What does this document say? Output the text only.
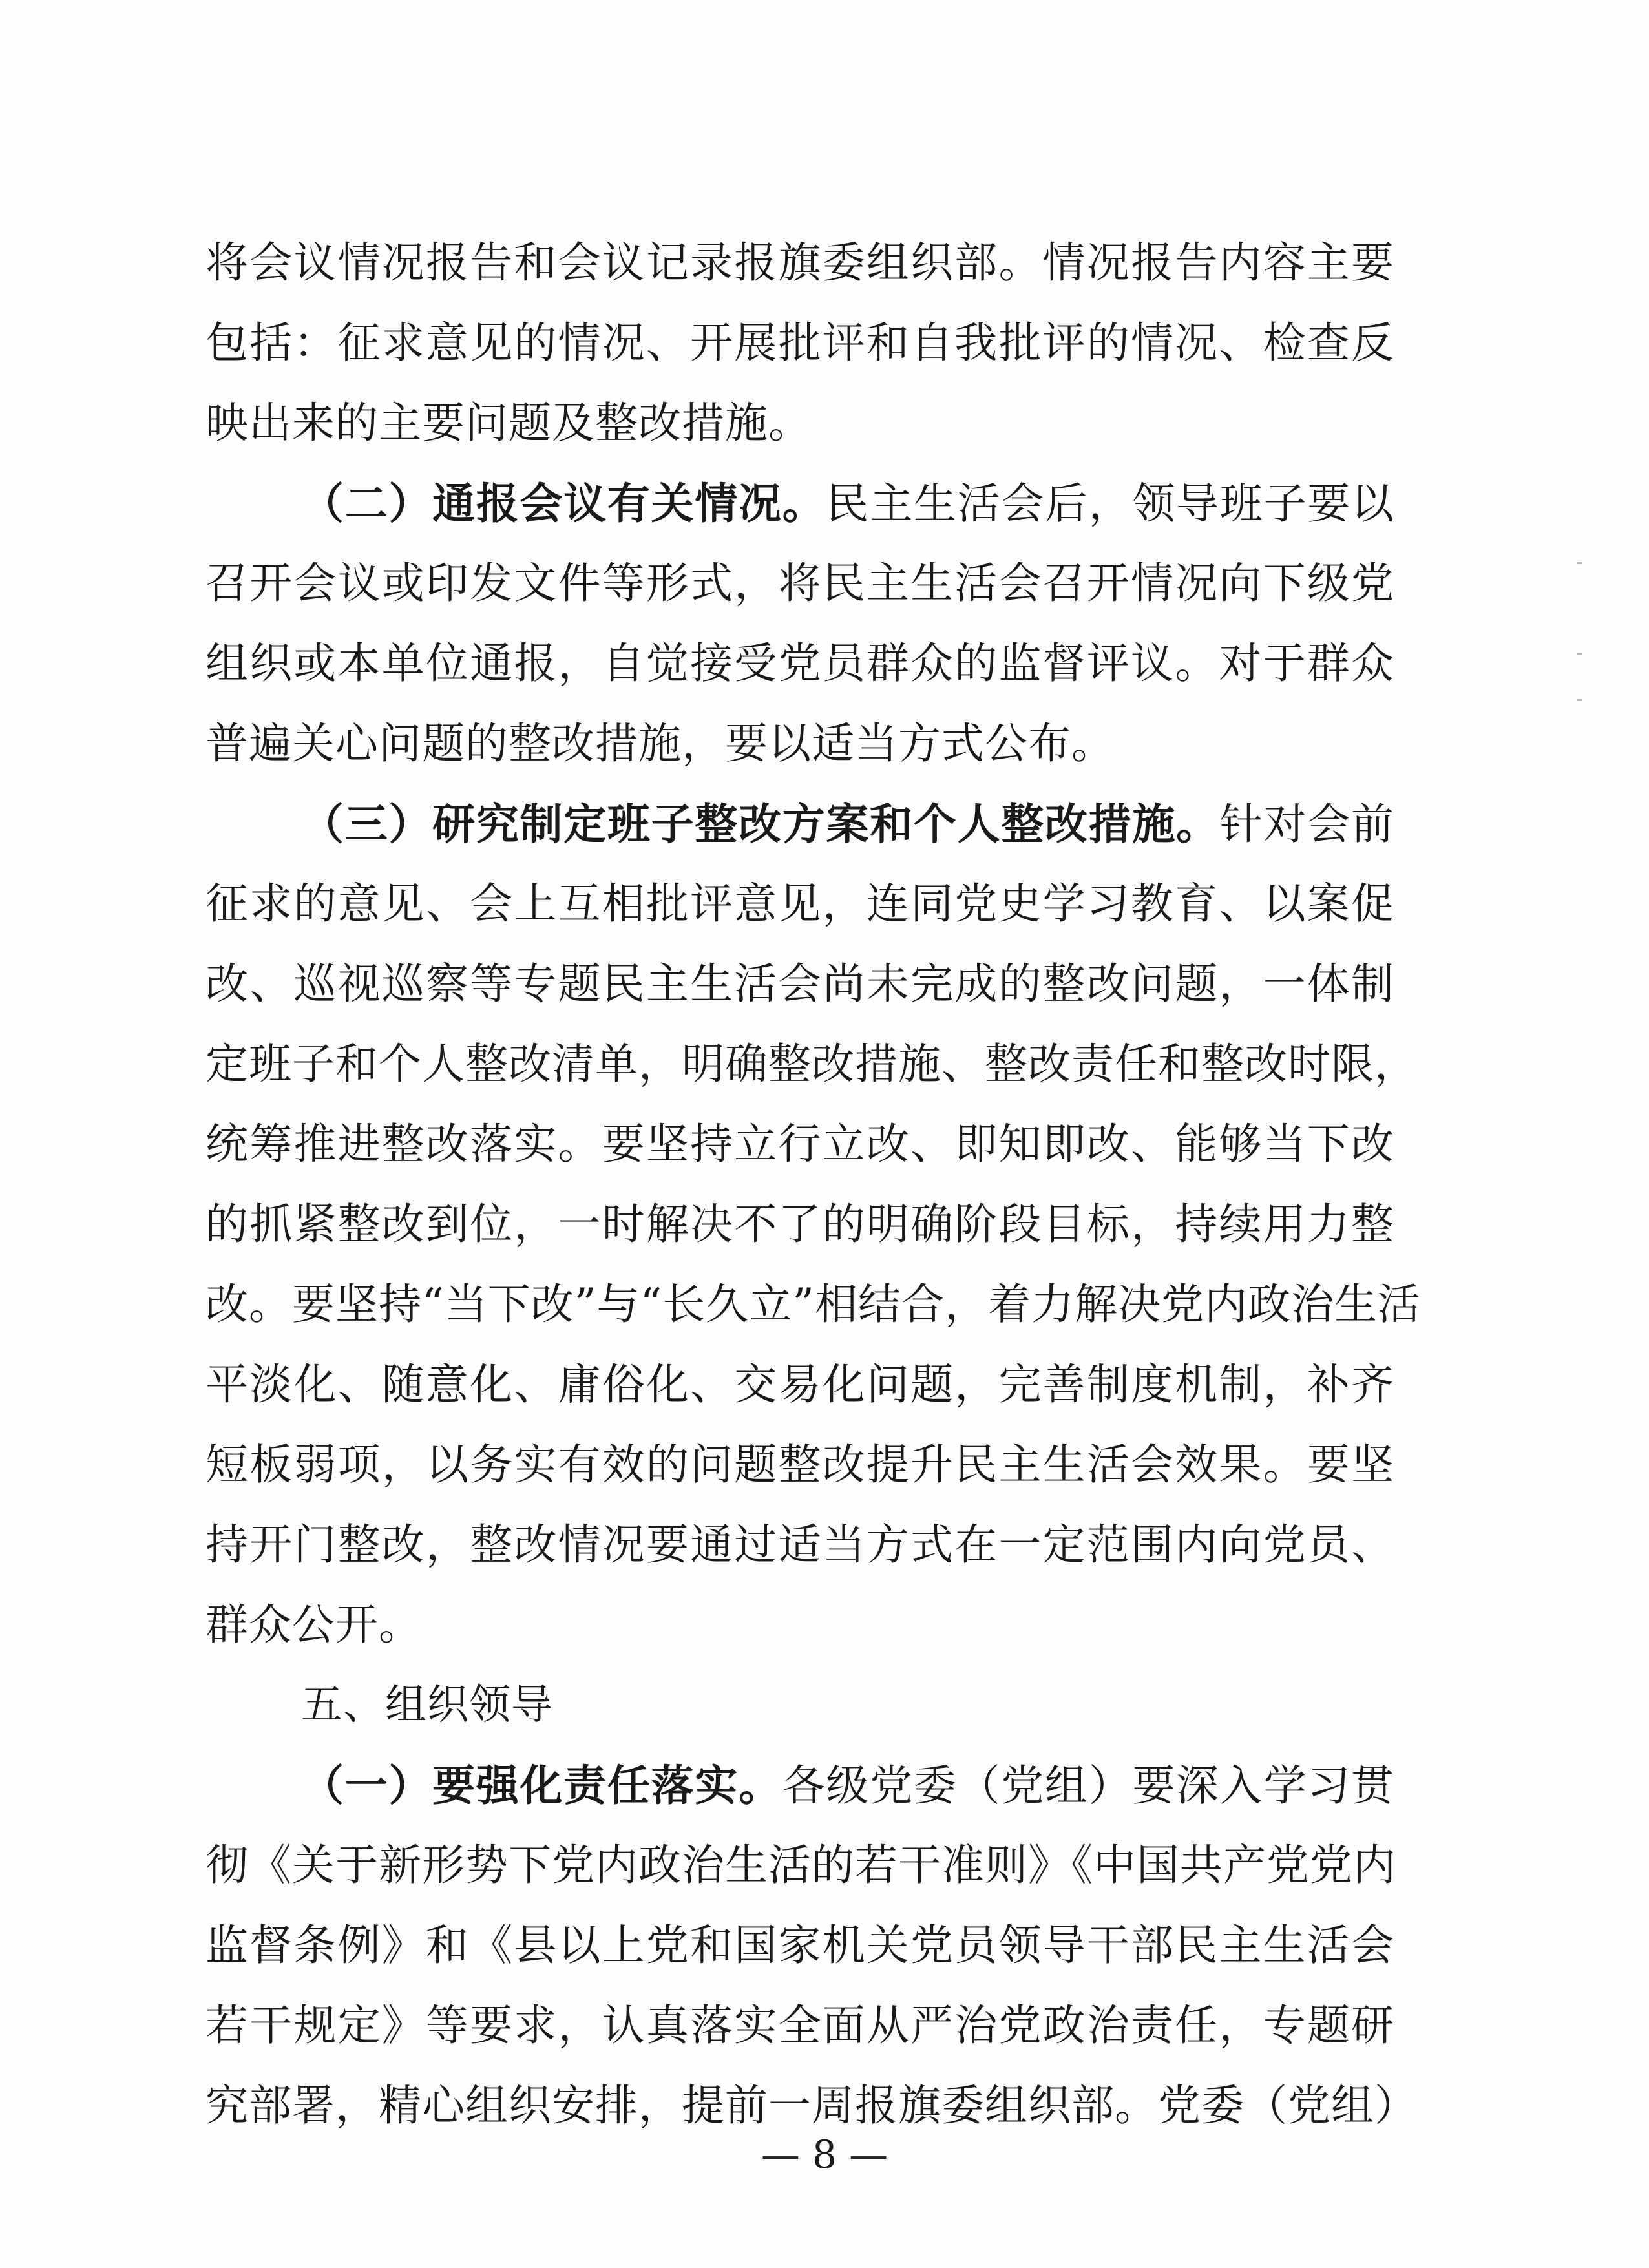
将会议情况报告和会议记录报旗委组织部。情况报告内容主要
包括：征求意见的情况、开展批评和自我批评的情况、检查反
映出来的主要问题及整改措施。
（二）通报会议有关情况。民主生活会后，领导班子要以
召开会议或印发文件等形式，将民主生活会召开情况向下级党
组织或本单位通报，自觉接受党员群众的监督评议。对于群众
普遍关心问题的整改措施，要以适当方式公布。
（三）研究制定班子整改方案和个人整改措施。针对会前
征求的意见、会上互相批评意见，连同党史学习教育、以案促
改、巡视巡察等专题民主生活会尚未完成的整改问题，一体制
定班子和个人整改清单，明确整改措施、整改责任和整改时限，
统筹推进整改落实。要坚持立行立改、即知即改、能够当下改
的抓紧整改到位，一时解决不了的明确阶段目标，持续用力整
改。要坚持“当下改”与“长久立”相结合，着力解决党内政治生活
平淡化、随意化、庸俗化、交易化问题，完善制度机制，补齐
短板弱项，以务实有效的问题整改提升民主生活会效果。要坚
持开门整改，整改情况要通过适当方式在一定范围内向党员、
群众公开。
五、组织领导
（一）要强化责任落实。各级党委（党组）要深入学习贯
彻《关于新形势下党内政治生活的若干准则》《中国共产党党内
监督条例》和《县以上党和国家机关党员领导干部民主生活会
若干规定》等要求，认真落实全面从严治党政治责任，专题研
究部署，精心组织安排，提前一周报旗委组织部。党委（党组）
— 8 —
